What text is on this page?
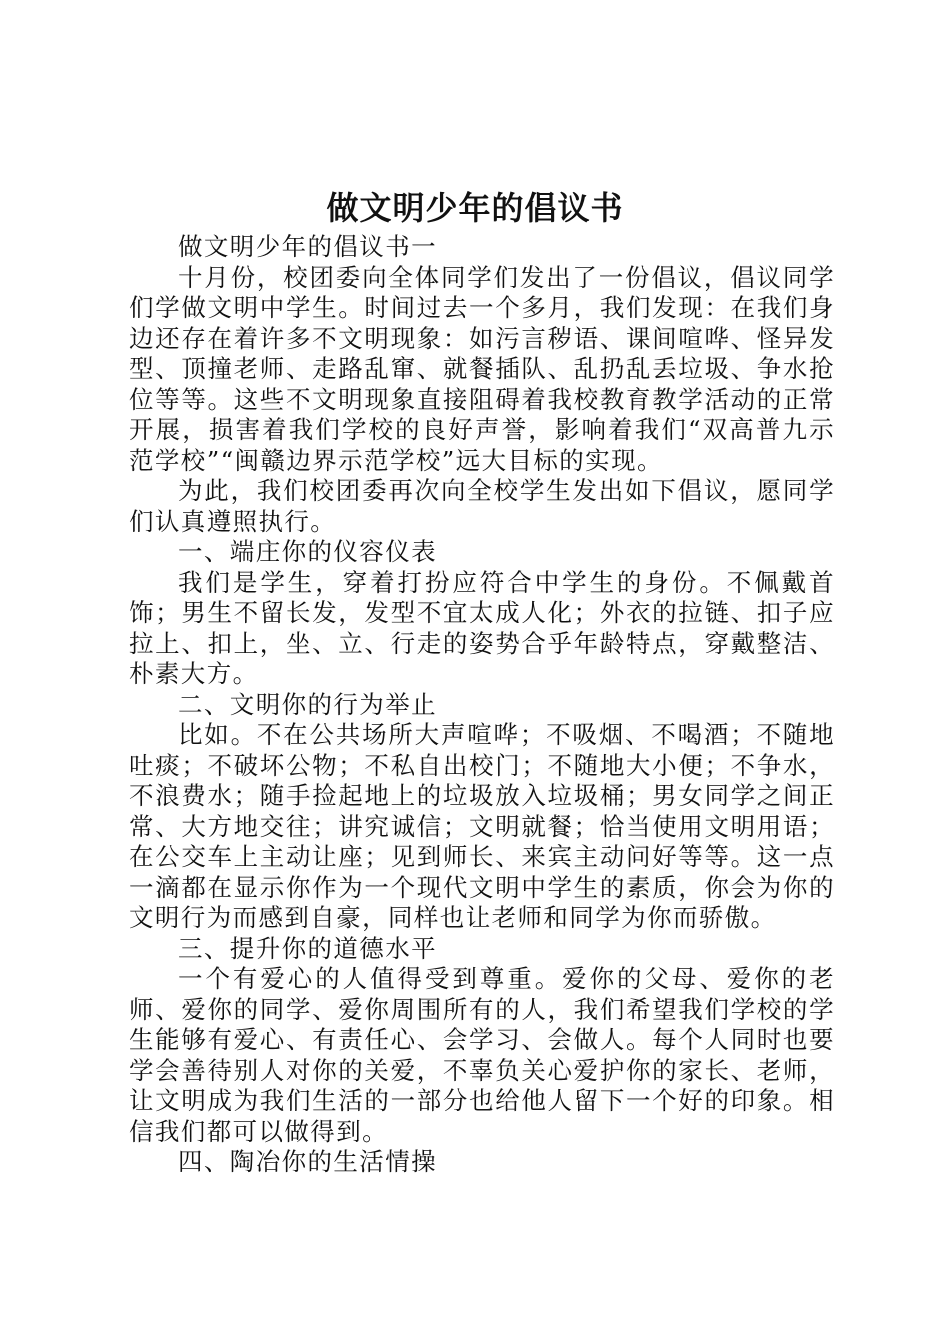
做文明少年的倡议书

做文明少年的倡议书一

十月份，校团委向全体同学们发出了一份倡议，倡议同学们学做文明中学生。时间过去一个多月，我们发现：在我们身边还存在着许多不文明现象：如污言秽语、课间喧哗、怪异发型、顶撞老师、走路乱窜、就餐插队、乱扔乱丢垃圾、争水抢位等等。这些不文明现象直接阻碍着我校教育教学活动的正常开展，损害着我们学校的良好声誉，影响着我们“双高普九示范学校”“闽赣边界示范学校”远大目标的实现。

为此，我们校团委再次向全校学生发出如下倡议，愿同学们认真遵照执行。

一、端庄你的仪容仪表

我们是学生，穿着打扮应符合中学生的身份。不佩戴首饰；男生不留长发，发型不宜太成人化；外衣的拉链、扣子应拉上、扣上，坐、立、行走的姿势合乎年龄特点，穿戴整洁、朴素大方。

二、文明你的行为举止

比如。不在公共场所大声喧哗；不吸烟、不喝酒；不随地吐痰；不破坏公物；不私自出校门；不随地大小便；不争水，不浪费水；随手捡起地上的垃圾放入垃圾桶；男女同学之间正常、大方地交往；讲究诚信；文明就餐；恰当使用文明用语；在公交车上主动让座；见到师长、来宾主动问好等等。这一点一滴都在显示你作为一个现代文明中学生的素质，你会为你的文明行为而感到自豪，同样也让老师和同学为你而骄傲。

三、提升你的道德水平

一个有爱心的人值得受到尊重。爱你的父母、爱你的老师、爱你的同学、爱你周围所有的人，我们希望我们学校的学生能够有爱心、有责任心、会学习、会做人。每个人同时也要学会善待别人对你的关爱，不辜负关心爱护你的家长、老师，让文明成为我们生活的一部分也给他人留下一个好的印象。相信我们都可以做得到。

四、陶冶你的生活情操
